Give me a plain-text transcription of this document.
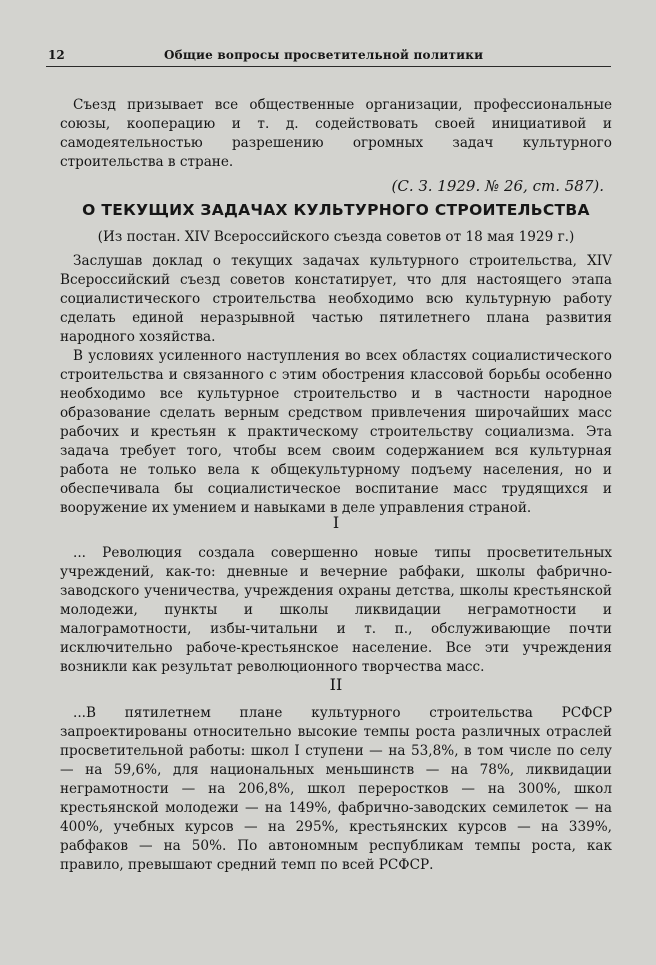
12	Общие вопросы просветительной политики

Съезд призывает все общественные организации, профессиональные союзы, кооперацию и т. д. содействовать своей инициативой и самодеятельностью разрешению огромных задач культурного строительства в стране.

(С. З. 1929. № 26, ст. 587).
О ТЕКУЩИХ ЗАДАЧАХ КУЛЬТУРНОГО СТРОИТЕЛЬСТВА
(Из постан. XIV Всероссийского съезда советов от 18 мая 1929 г.)

Заслушав доклад о текущих задачах культурного строительства, XIV Всероссийский съезд советов констатирует, что для настоящего этапа социалистического строительства необходимо всю культурную работу сделать единой неразрывной частью пятилетнего плана развития народного хозяйства.

В условиях усиленного наступления во всех областях социалистического строительства и связанного с этим обострения классовой борьбы особенно необходимо все культурное строительство и в частности народное образование сделать верным средством привлечения широчайших масс рабочих и крестьян к практическому строительству социализма. Эта задача требует того, чтобы всем своим содержанием вся культурная работа не только вела к общекультурному подъему населения, но и обеспечивала бы социалистическое воспитание масс трудящихся и вооружение их умением и навыками в деле управления страной.

I

... Революция создала совершенно новые типы просветительных учреждений, как-то: дневные и вечерние рабфаки, школы фабрично-заводского ученичества, учреждения охраны детства, школы крестьянской молодежи, пункты и школы ликвидации неграмотности и малограмотности, избы-читальни и т. п., обслуживающие почти исключительно рабоче-крестьянское население. Все эти учреждения возникли как результат революционного творчества масс.

II

...В пятилетнем плане культурного строительства РСФСР запроектированы относительно высокие темпы роста различных отраслей просветительной работы: школ I ступени — на 53,8%, в том числе по селу — на 59,6%, для национальных меньшинств — на 78%, ликвидации неграмотности — на 206,8%, школ переростков — на 300%, школ крестьянской молодежи — на 149%, фабрично-заводских семилеток — на 400%, учебных курсов — на 295%, крестьянских курсов — на 339%, рабфаков — на 50%. По автономным республикам темпы роста, как правило, превышают средний темп по всей РСФСР.
